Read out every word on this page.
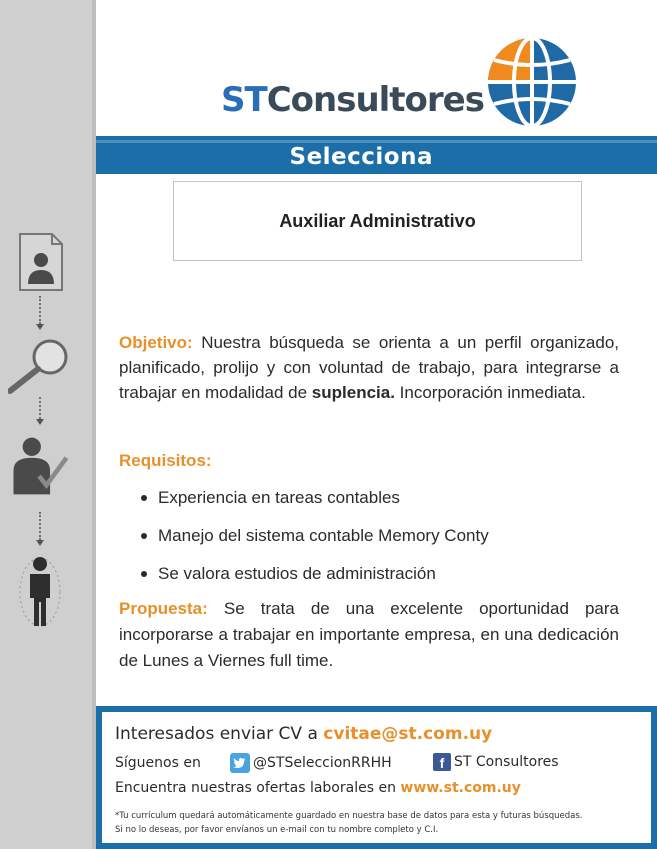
STConsultores
Selecciona
Auxiliar Administrativo
Objetivo: Nuestra búsqueda se orienta a un perfil organizado, planificado, prolijo y con voluntad de trabajo, para integrarse a trabajar en modalidad de suplencia. Incorporación inmediata.
Requisitos:
Experiencia en tareas contables
Manejo del sistema contable Memory Conty
Se valora estudios de administración
Propuesta: Se trata de una excelente oportunidad para incorporarse a trabajar en importante empresa, en una dedicación de Lunes a Viernes full time.
Interesados enviar CV a cvitae@st.com.uy
Síguenos en	@STSeleccionRRHH	f ST Consultores
Encuentra nuestras ofertas laborales en www.st.com.uy
*Tu currículum quedará automáticamente guardado en nuestra base de datos para esta y futuras búsquedas.
Si no lo deseas, por favor envíanos un e-mail con tu nombre completo y C.I.
